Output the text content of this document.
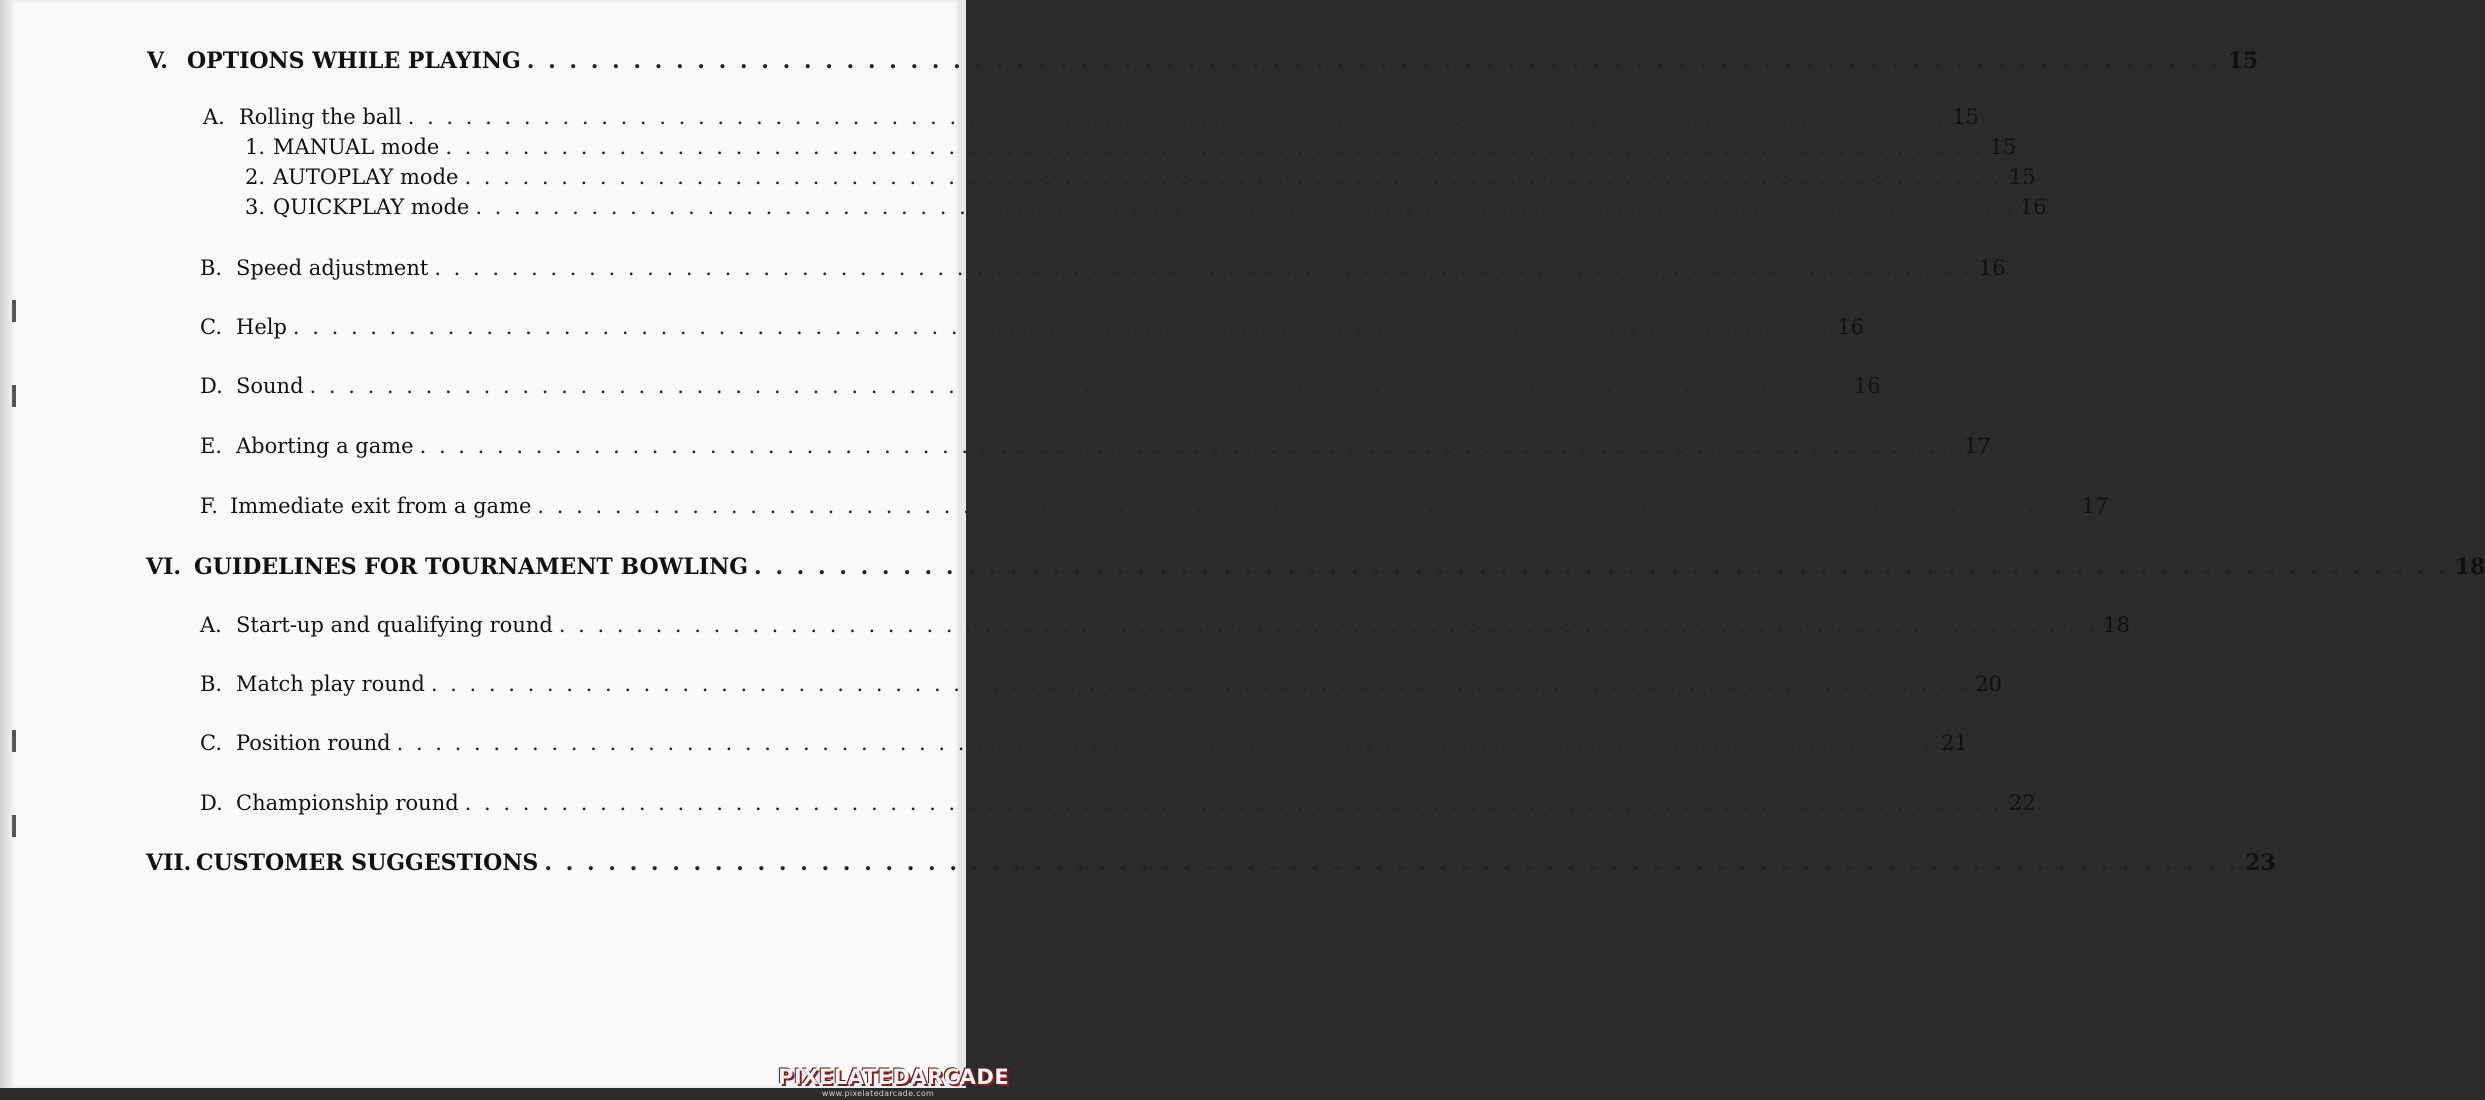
V. OPTIONS WHILE PLAYING . . .	15
A. Rolling the ball . . .	15
1. MANUAL mode . . .	15
2. AUTOPLAY mode . . .	15
3. QUICKPLAY mode . . .	16
B. Speed adjustment . . .	16
C. Help . . .	16
D. Sound . . .	16
E. Aborting a game . . .	17
F. Immediate exit from a game . . .	17
VI. GUIDELINES FOR TOURNAMENT BOWLING . . .	18
A. Start-up and qualifying round . . .	18
B. Match play round . . .	20
C. Position round . . .	21
D. Championship round . . .	22
VII. CUSTOMER SUGGESTIONS . . .	23
PIXELATEDARCADE
www.pixelatedarcade.com
